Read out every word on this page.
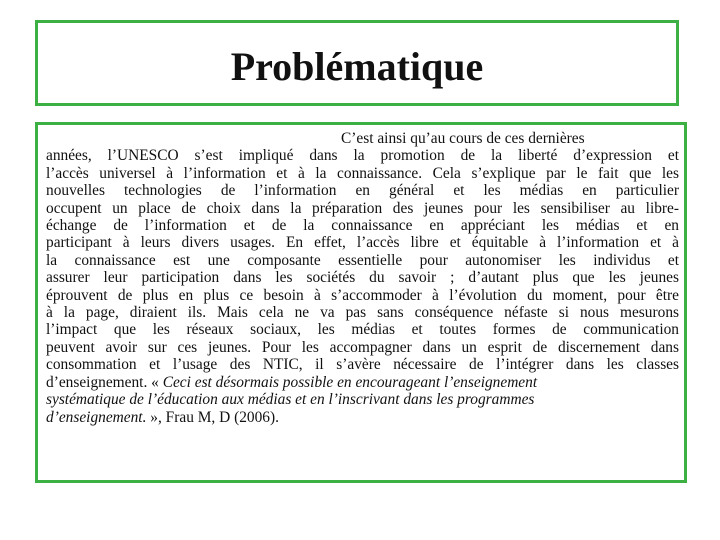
Problématique
C’est ainsi qu’au cours de ces dernières
années, l’UNESCO s’est impliqué dans la promotion de la liberté d’expression et
l’accès universel à l’information et à la connaissance. Cela s’explique par le fait que les
nouvelles technologies de l’information en général et les médias en particulier
occupent un place de choix dans la préparation des jeunes pour les sensibiliser au libre-
échange de l’information et de la connaissance en appréciant les médias et en
participant à leurs divers usages. En effet, l’accès libre et équitable à l’information et à
la connaissance est une composante essentielle pour autonomiser les individus et
assurer leur participation dans les sociétés du savoir ; d’autant plus que les jeunes
éprouvent de plus en plus ce besoin à s’accommoder à l’évolution du moment, pour être
à la page, diraient ils. Mais cela ne va pas sans conséquence néfaste si nous mesurons
l’impact que les réseaux sociaux, les médias et toutes formes de communication
peuvent avoir sur ces jeunes. Pour les accompagner dans un esprit de discernement dans
consommation et l’usage des NTIC, il s’avère nécessaire de l’intégrer dans les classes
d’enseignement. « Ceci est désormais possible en encourageant l’enseignement
systématique de l’éducation aux médias et en l’inscrivant dans les programmes
d’enseignement. », Frau M, D (2006).
